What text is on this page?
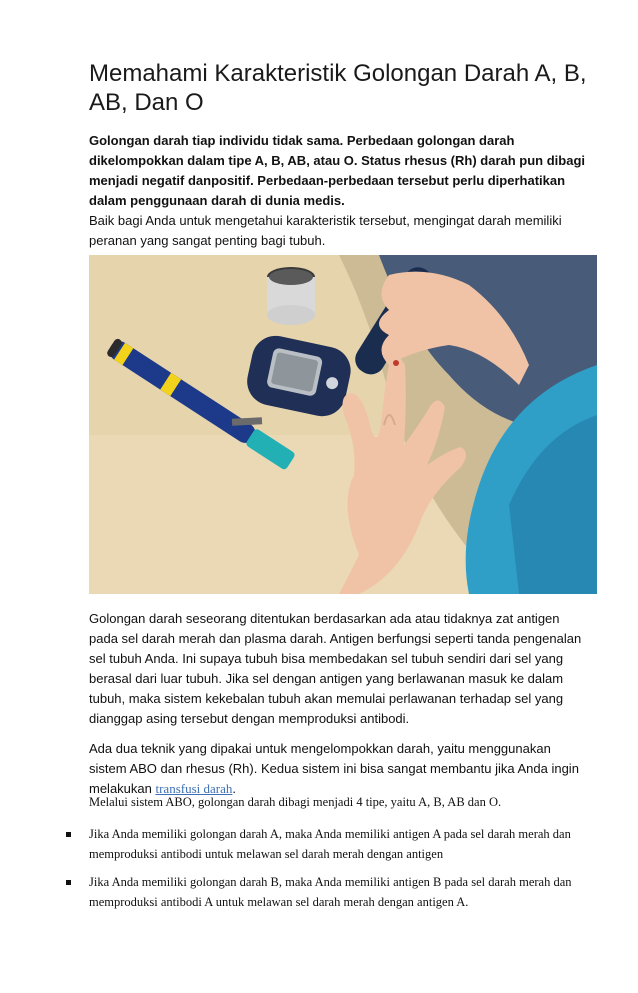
Memahami Karakteristik Golongan Darah A, B, AB, Dan O

Golongan darah tiap individu tidak sama. Perbedaan golongan darah dikelompokkan dalam tipe A, B, AB, atau O. Status rhesus (Rh) darah pun dibagi menjadi negatif danpositif. Perbedaan-perbedaan tersebut perlu diperhatikan dalam penggunaan darah di dunia medis.

Baik bagi Anda untuk mengetahui karakteristik tersebut, mengingat darah memiliki peranan yang sangat penting bagi tubuh.

Golongan darah seseorang ditentukan berdasarkan ada atau tidaknya zat antigen pada sel darah merah dan plasma darah. Antigen berfungsi seperti tanda pengenalan sel tubuh Anda. Ini supaya tubuh bisa membedakan sel tubuh sendiri dari sel yang berasal dari luar tubuh. Jika sel dengan antigen yang berlawanan masuk ke dalam tubuh, maka sistem kekebalan tubuh akan memulai perlawanan terhadap sel yang dianggap asing tersebut dengan memproduksi antibodi.

Ada dua teknik yang dipakai untuk mengelompokkan darah, yaitu menggunakan sistem ABO dan rhesus (Rh). Kedua sistem ini bisa sangat membantu jika Anda ingin melakukan transfusi darah.

Melalui sistem ABO, golongan darah dibagi menjadi 4 tipe, yaitu A, B, AB dan O.

Jika Anda memiliki golongan darah A, maka Anda memiliki antigen A pada sel darah merah dan memproduksi antibodi untuk melawan sel darah merah dengan antigen
Jika Anda memiliki golongan darah B, maka Anda memiliki antigen B pada sel darah merah dan memproduksi antibodi A untuk melawan sel darah merah dengan antigen A.
